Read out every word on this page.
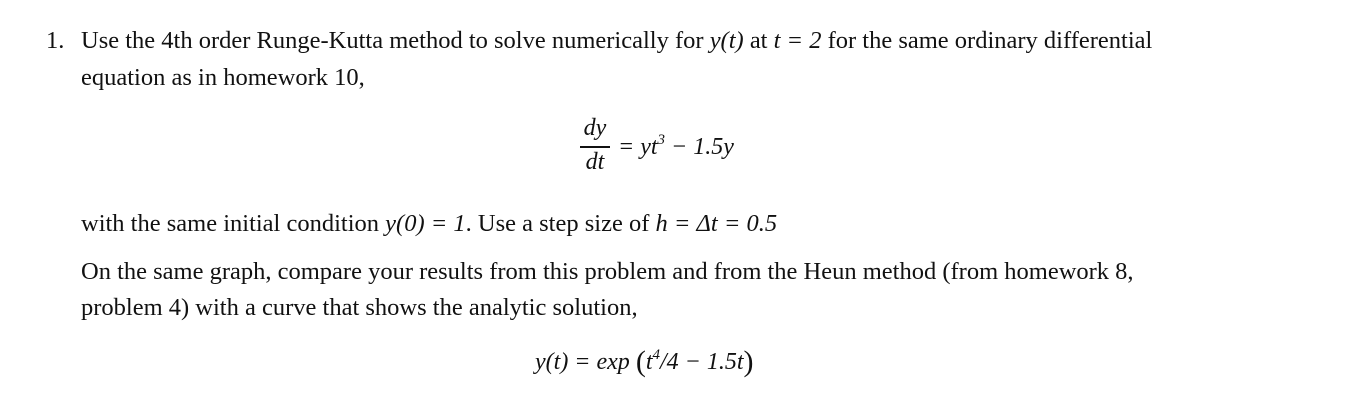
1. Use the 4th order Runge-Kutta method to solve numerically for y(t) at t = 2 for the same ordinary differential
equation as in homework 10,
dy
dt
= $yt^3 - 1.5y$
with the same initial condition y(0) = 1. Use a step size of h = Δt = 0.5
On the same graph, compare your results from this problem and from the Heun method (from homework 8,
problem 4) with a curve that shows the analytic solution,
$y(t) = \exp (t^4/4 - 1.5t)$
